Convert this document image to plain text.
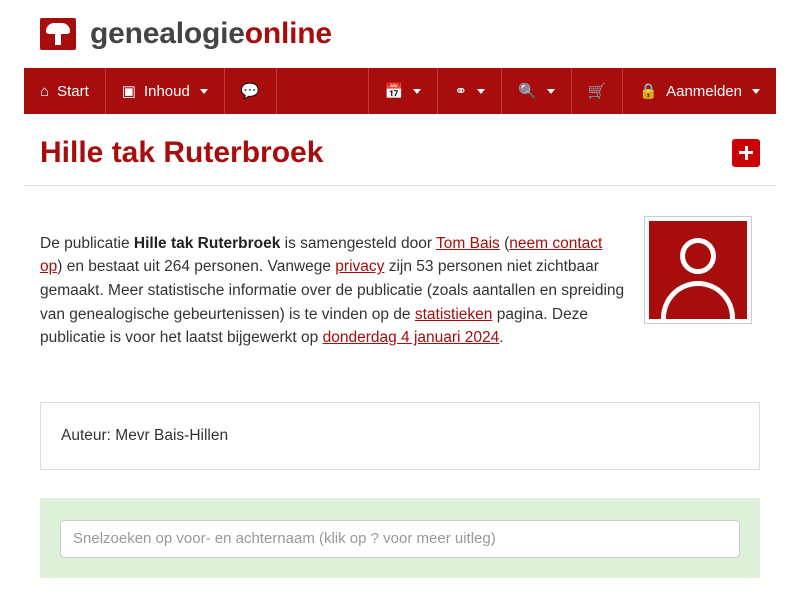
genealogieonline
⌂ Start ▣ Inhoud	💬	📅	⚭	🔍	🛒 🔒 Aanmelden
Hille tak Ruterbroek

De publicatie Hille tak Ruterbroek is samengesteld door Tom Bais (neem contact op) en bestaat uit 264 personen. Vanwege privacy zijn 53 personen niet zichtbaar gemaakt. Meer statistische informatie over de publicatie (zoals aantallen en spreiding van genealogische gebeurtenissen) is te vinden op de statistieken pagina. Deze publicatie is voor het laatst bijgewerkt op donderdag 4 januari 2024.

Auteur: Mevr Bais-Hillen
Snelzoeken op voor- en achternaam (klik op ? voor meer uitleg)
